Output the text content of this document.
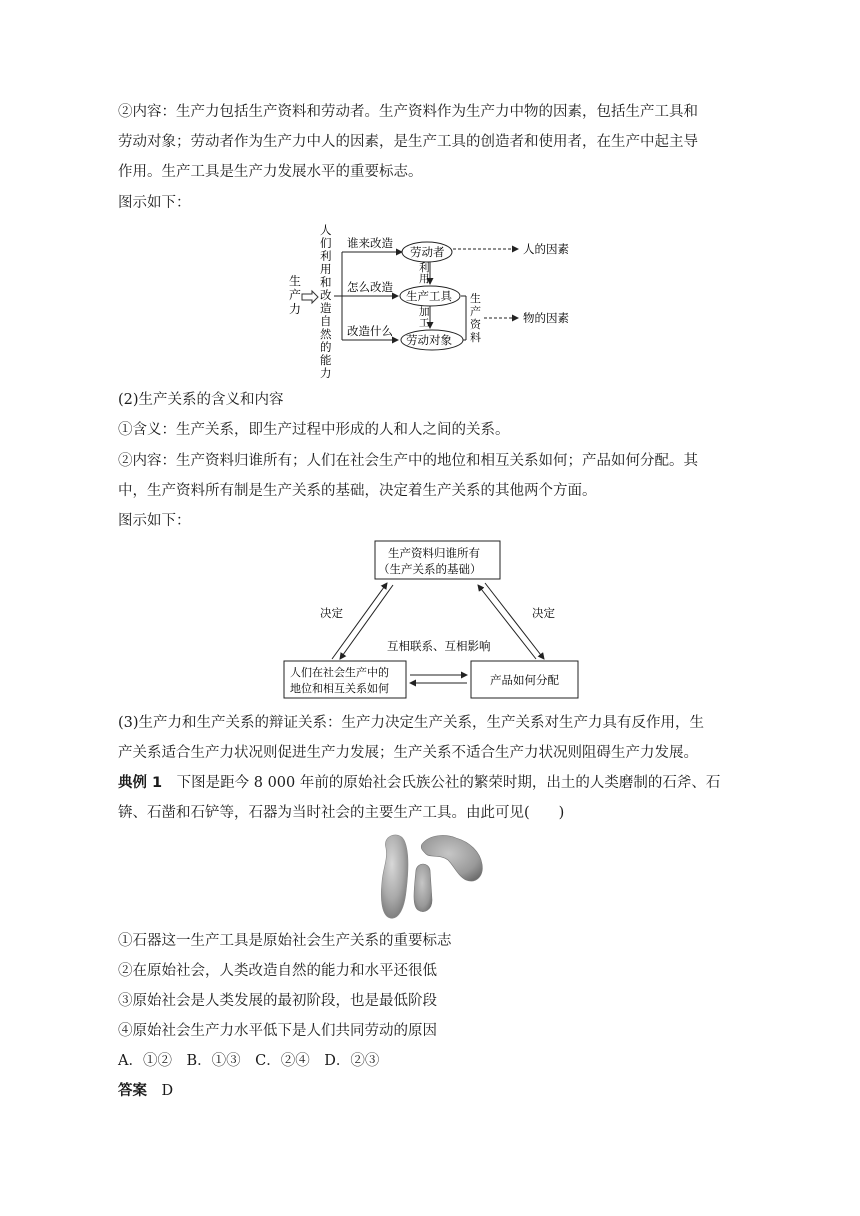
②内容：生产力包括生产资料和劳动者。生产资料作为生产力中物的因素，包括生产工具和
劳动对象；劳动者作为生产力中人的因素，是生产工具的创造者和使用者，在生产中起主导
作用。生产工具是生产力发展水平的重要标志。
图示如下：
生
产
力
人
们
利
用
和
改
造
自
然
的
能
力
谁来改造
怎么改造
改造什么
劳动者
生产工具
劳动对象
利
用
加
工
生
产
资
料
人的因素
物的因素
(2)生产关系的含义和内容
①含义：生产关系，即生产过程中形成的人和人之间的关系。
②内容：生产资料归谁所有；人们在社会生产中的地位和相互关系如何；产品如何分配。其
中，生产资料所有制是生产关系的基础，决定着生产关系的其他两个方面。
图示如下：
生产资料归谁所有
（生产关系的基础）
人们在社会生产中的
地位和相互关系如何
产品如何分配
决定	决定
互相联系、互相影响
(3)生产力和生产关系的辩证关系：生产力决定生产关系，生产关系对生产力具有反作用，生
产关系适合生产力状况则促进生产力发展；生产关系不适合生产力状况则阻碍生产力发展。
典例 1　 下图是距今 8 000 年前的原始社会氏族公社的繁荣时期，出土的人类磨制的石斧、石
锛、石凿和石铲等，石器为当时社会的主要生产工具。由此可见(　　)
①石器这一生产工具是原始社会生产关系的重要标志
②在原始社会，人类改造自然的能力和水平还很低
③原始社会是人类发展的最初阶段，也是最低阶段
④原始社会生产力水平低下是人们共同劳动的原因
A．①②　B．①③　C．②④　D．②③
答案　 D
